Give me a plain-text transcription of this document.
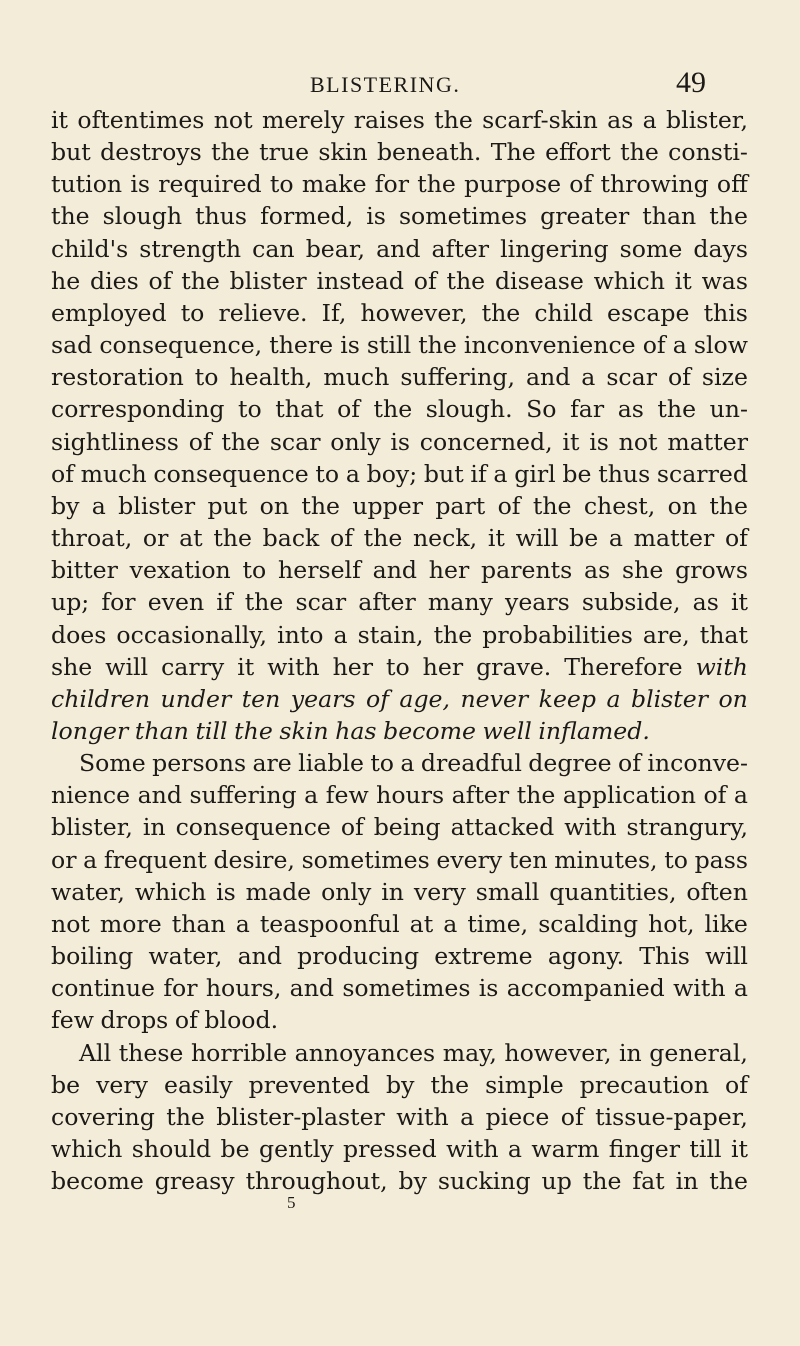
BLISTERING.	49
it oftentimes not merely raises the scarf-skin as a blister,
but destroys the true skin beneath. The effort the consti-
tution is required to make for the purpose of throwing off
the slough thus formed, is sometimes greater than the
child's strength can bear, and after lingering some days
he dies of the blister instead of the disease which it was
employed to relieve. If, however, the child escape this
sad consequence, there is still the inconvenience of a slow
restoration to health, much suffering, and a scar of size
corresponding to that of the slough. So far as the un-
sightliness of the scar only is concerned, it is not matter
of much consequence to a boy; but if a girl be thus scarred
by a blister put on the upper part of the chest, on the
throat, or at the back of the neck, it will be a matter of
bitter vexation to herself and her parents as she grows
up; for even if the scar after many years subside, as it
does occasionally, into a stain, the probabilities are, that
she will carry it with her to her grave. Therefore with
children under ten years of age, never keep a blister on
longer than till the skin has become well inflamed.
Some persons are liable to a dreadful degree of inconve-
nience and suffering a few hours after the application of a
blister, in consequence of being attacked with strangury,
or a frequent desire, sometimes every ten minutes, to pass
water, which is made only in very small quantities, often
not more than a teaspoonful at a time, scalding hot, like
boiling water, and producing extreme agony. This will
continue for hours, and sometimes is accompanied with a
few drops of blood.
All these horrible annoyances may, however, in general,
be very easily prevented by the simple precaution of
covering the blister-plaster with a piece of tissue-paper,
which should be gently pressed with a warm finger till it
become greasy throughout, by sucking up the fat in the
5
